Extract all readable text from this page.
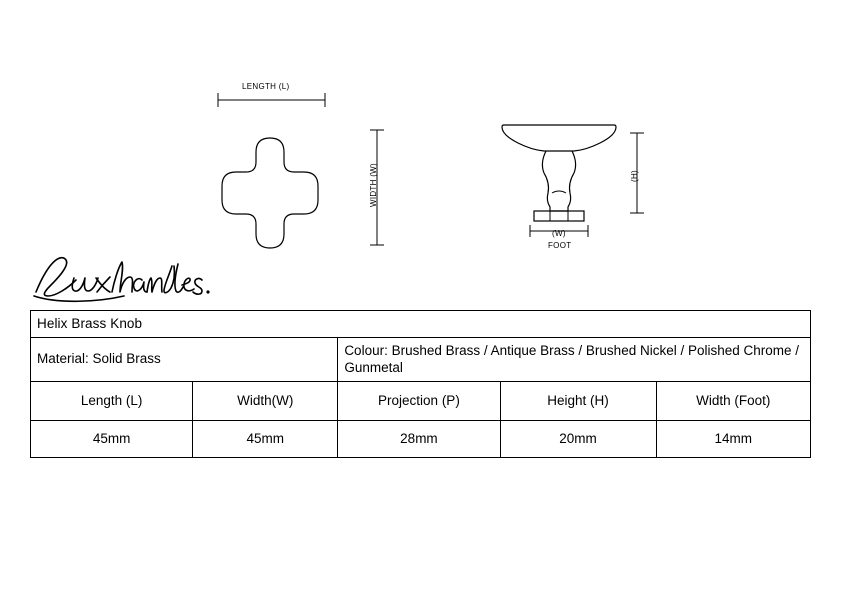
LENGTH (L)
WIDTH (W)
(W)
FOOT
(H)
Helix Brass Knob				
Material: Solid Brass		Colour: Brushed Brass / Antique Brass / Brushed Nickel / Polished Chrome / Gunmetal		
Length (L)	Width(W)	Projection (P)	Height (H)	Width (Foot)
45mm	45mm	28mm	20mm	14mm
